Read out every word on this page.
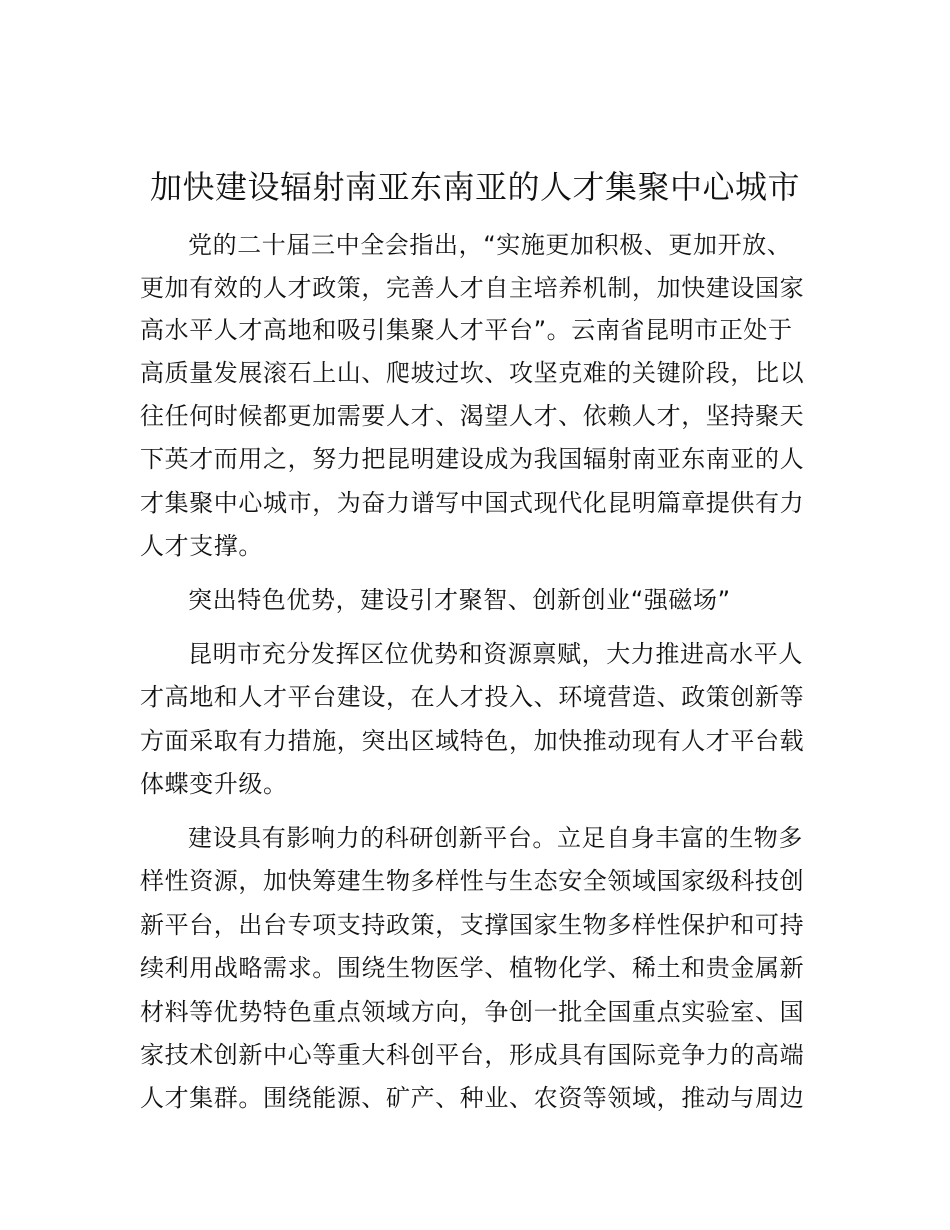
加快建设辐射南亚东南亚的人才集聚中心城市
党的二十届三中全会指出，“实施更加积极、更加开放、
更加有效的人才政策，完善人才自主培养机制，加快建设国家
高水平人才高地和吸引集聚人才平台”。云南省昆明市正处于
高质量发展滚石上山、爬坡过坎、攻坚克难的关键阶段，比以
往任何时候都更加需要人才、渴望人才、依赖人才，坚持聚天
下英才而用之，努力把昆明建设成为我国辐射南亚东南亚的人
才集聚中心城市，为奋力谱写中国式现代化昆明篇章提供有力
人才支撑。
突出特色优势，建设引才聚智、创新创业“强磁场”
昆明市充分发挥区位优势和资源禀赋，大力推进高水平人
才高地和人才平台建设，在人才投入、环境营造、政策创新等
方面采取有力措施，突出区域特色，加快推动现有人才平台载
体蝶变升级。
建设具有影响力的科研创新平台。立足自身丰富的生物多
样性资源，加快筹建生物多样性与生态安全领域国家级科技创
新平台，出台专项支持政策，支撑国家生物多样性保护和可持
续利用战略需求。围绕生物医学、植物化学、稀土和贵金属新
材料等优势特色重点领域方向，争创一批全国重点实验室、国
家技术创新中心等重大科创平台，形成具有国际竞争力的高端
人才集群。围绕能源、矿产、种业、农资等领域，推动与周边
